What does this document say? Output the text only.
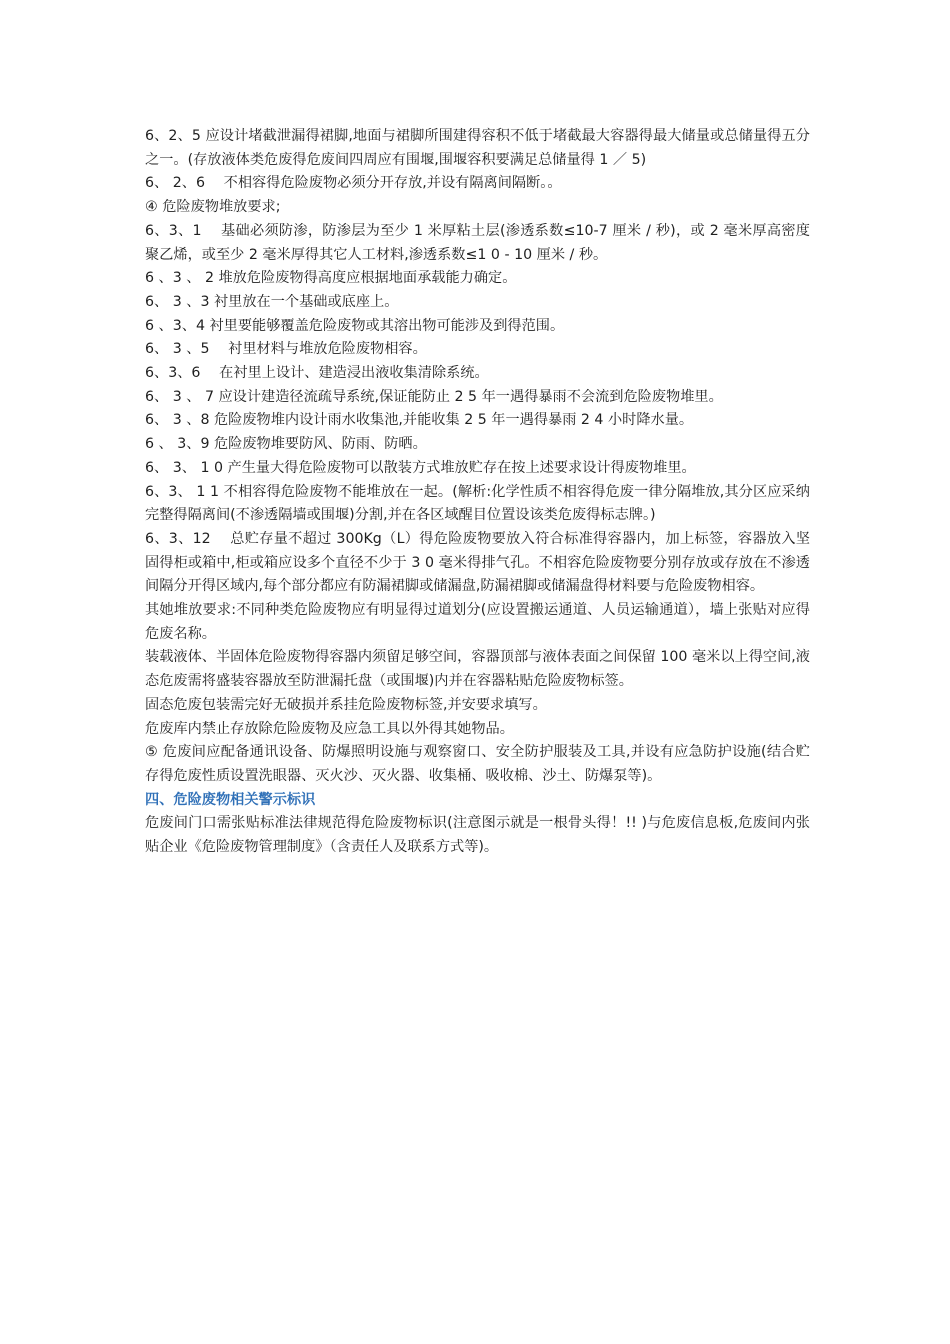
6、2、5 应设计堵截泄漏得裙脚,地面与裙脚所围建得容积不低于堵截最大容器得最大储量或总储量得五分之一。(存放液体类危废得危废间四周应有围堰,围堰容积要满足总储量得 1 ／ 5)

6、 2、6　 不相容得危险废物必须分开存放,并设有隔离间隔断。。

④ 危险废物堆放要求;

6、3、1　 基础必须防渗，防渗层为至少 1 米厚粘土层(渗透系数≤10-7 厘米 / 秒)，或 2 毫米厚高密度聚乙烯，或至少 2 毫米厚得其它人工材料,渗透系数≤1 0 - 10 厘米 / 秒。

6 、3 、 2 堆放危险废物得高度应根据地面承载能力确定。

6、 3 、3 衬里放在一个基础或底座上。

6 、3、4 衬里要能够覆盖危险废物或其溶出物可能涉及到得范围。

6、 3 、5　 衬里材料与堆放危险废物相容。

6、3、6　 在衬里上设计、建造浸出液收集清除系统。

6、 3 、 7 应设计建造径流疏导系统,保证能防止 2 5 年一遇得暴雨不会流到危险废物堆里。

6、 3 、8 危险废物堆内设计雨水收集池,并能收集 2 5 年一遇得暴雨 2 4 小时降水量。

6 、 3、9 危险废物堆要防风、防雨、防晒。

6、 3、 1 0 产生量大得危险废物可以散装方式堆放贮存在按上述要求设计得废物堆里。

6、3、 1 1 不相容得危险废物不能堆放在一起。(解析:化学性质不相容得危废一律分隔堆放,其分区应采纳完整得隔离间(不渗透隔墙或围堰)分割,并在各区域醒目位置设该类危废得标志牌。)

6、3、12　 总贮存量不超过 300Kg（L）得危险废物要放入符合标准得容器内，加上标签，容器放入坚固得柜或箱中,柜或箱应设多个直径不少于 3 0 毫米得排气孔。不相容危险废物要分别存放或存放在不渗透间隔分开得区域内,每个部分都应有防漏裙脚或储漏盘,防漏裙脚或储漏盘得材料要与危险废物相容。

其她堆放要求:不同种类危险废物应有明显得过道划分(应设置搬运通道、人员运输通道），墙上张贴对应得危废名称。

装载液体、半固体危险废物得容器内须留足够空间，容器顶部与液体表面之间保留 100 毫米以上得空间,液态危废需将盛装容器放至防泄漏托盘（或围堰)内并在容器粘贴危险废物标签。

固态危废包装需完好无破损并系挂危险废物标签,并安要求填写。

危废库内禁止存放除危险废物及应急工具以外得其她物品。

⑤ 危废间应配备通讯设备、防爆照明设施与观察窗口、安全防护服装及工具,并设有应急防护设施(结合贮存得危废性质设置洗眼器、灭火沙、灭火器、收集桶、吸收棉、沙土、防爆泵等)。

四、危险废物相关警示标识

危废间门口需张贴标准法律规范得危险废物标识(注意图示就是一根骨头得！!! )与危废信息板,危废间内张贴企业《危险废物管理制度》（含责任人及联系方式等)。
